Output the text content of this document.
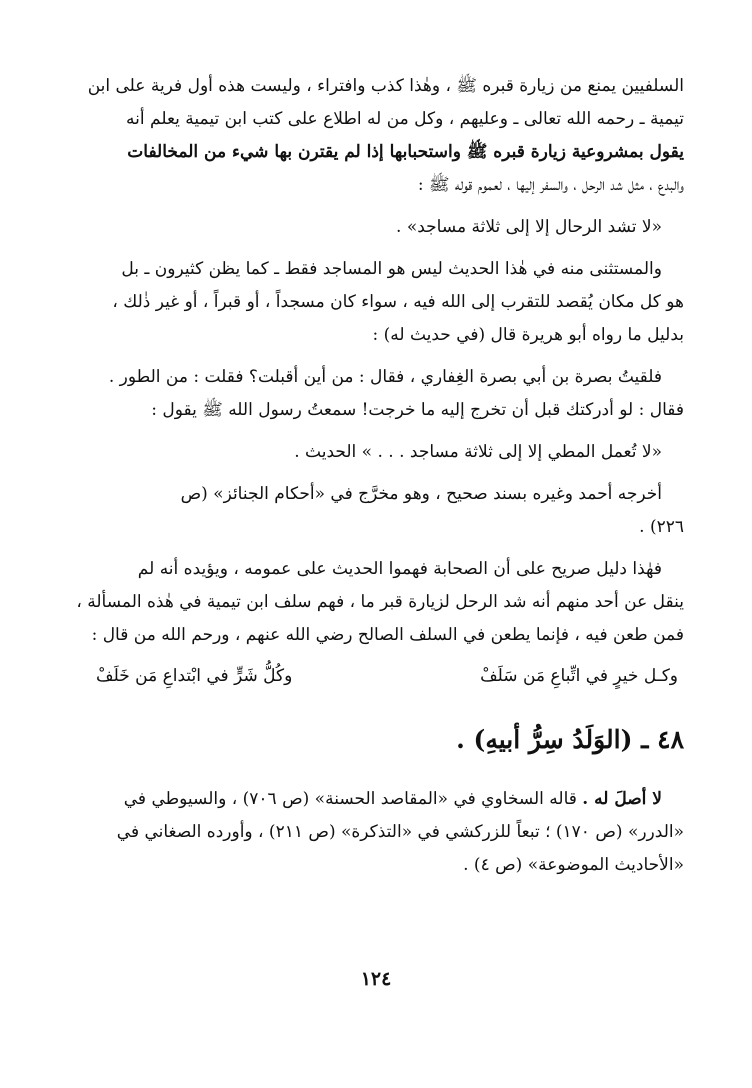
السلفيين يمنع من زيارة قبره ﷺ ، وهٰذا كذب وافتراء ، وليست هذه أول فرية على ابن
تيمية ـ رحمه الله تعالى ـ وعليهم ، وكل من له اطلاع على كتب ابن تيمية يعلم أنه
يقول بمشروعية زيارة قبره ﷺ واستحبابها إذا لم يقترن بها شيء من المخالفات
والبدع ، مثل شد الرحل ، والسفر إليها ، لعموم قوله ﷺ :

«لا تشد الرحال إلا إلى ثلاثة مساجد» .

والمستثنى منه في هٰذا الحديث ليس هو المساجد فقط ـ كما يظن كثيرون ـ بل
هو كل مكان يُقصد للتقرب إلى الله فيه ، سواء كان مسجداً ، أو قبراً ، أو غير ذٰلك ،
بدليل ما رواه أبو هريرة قال (في حديث له) :

فلقيتُ بصرة بن أبي بصرة الغِفاري ، فقال : من أين أقبلت؟ فقلت : من الطور .
فقال : لو أدركتك قبل أن تخرج إليه ما خرجت! سمعتُ رسول الله ﷺ يقول :

«لا تُعمل المطي إلا إلى ثلاثة مساجد . . . » الحديث .

أخرجه أحمد وغيره بسند صحيح ، وهو مخرَّج في «أحكام الجنائز» (ص
٢٢٦) .

فهٰذا دليل صريح على أن الصحابة فهموا الحديث على عمومه ، ويؤيده أنه لم
ينقل عن أحد منهم أنه شد الرحل لزيارة قبر ما ، فهم سلف ابن تيمية في هٰذه المسألة ،
فمن طعن فيه ، فإنما يطعن في السلف الصالح رضي الله عنهم ، ورحم الله من قال :

وكـل خيرٍ في اتِّباعِ مَن سَلَفْ
وكُلُّ شَرٍّ في ابْتداعِ مَن خَلَفْ
٤٨ ـ (الوَلَدُ سِرُّ أبيهِ) .

لا أصلَ له . قاله السخاوي في «المقاصد الحسنة» (ص ٧٠٦) ، والسيوطي في
«الدرر» (ص ١٧٠) ؛ تبعاً للزركشي في «التذكرة» (ص ٢١١) ، وأورده الصغاني في
«الأحاديث الموضوعة» (ص ٤) .

١٢٤
